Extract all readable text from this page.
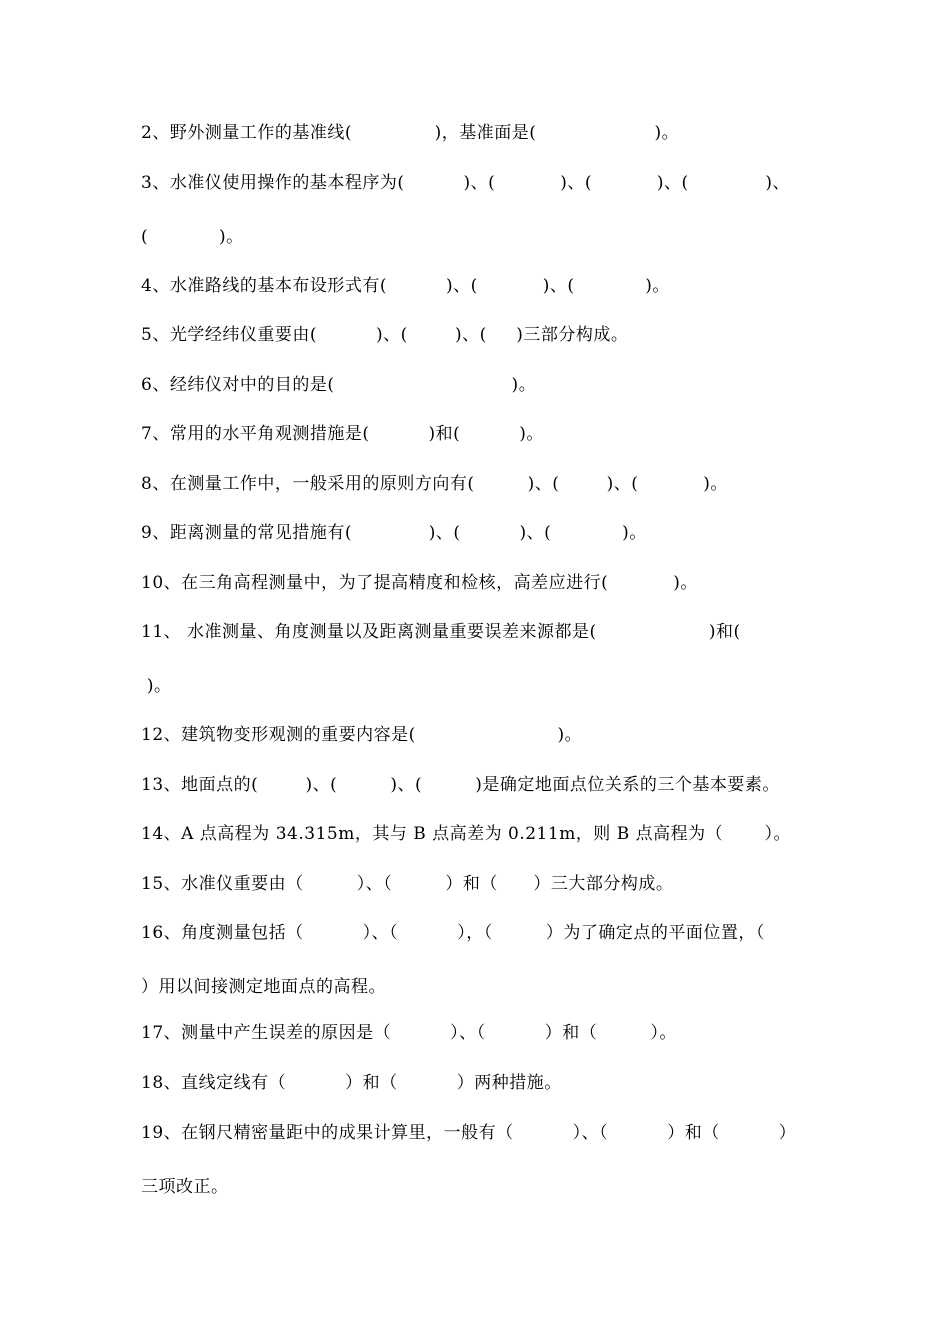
2、野外测量工作的基准线(              )，基准面是(                    )。
3、水准仪使用操作的基本程序为(          )、(           )、(           )、(             )、
(            )。
4、水准路线的基本布设形式有(          )、(           )、(            )。
5、光学经纬仪重要由(          )、(        )、(     )三部分构成。
6、经纬仪对中的目的是(                              )。
7、常用的水平角观测措施是(          )和(          )。
8、在测量工作中，一般采用的原则方向有(         )、(        )、(           )。
9、距离测量的常见措施有(             )、(          )、(            )。
10、在三角高程测量中，为了提高精度和检核，高差应进行(           )。
11、 水准测量、角度测量以及距离测量重要误差来源都是(                   )和(
)。
12、建筑物变形观测的重要内容是(                        )。
13、地面点的(        )、(         )、(         )是确定地面点位关系的三个基本要素。
14、A 点高程为 34.315m，其与 B 点高差为 0.211m，则 B 点高程为（       ）。
15、水准仪重要由（         ）、（         ）和（      ）三大部分构成。
16、角度测量包括（          ）、（          ），（         ）为了确定点的平面位置，（
）用以间接测定地面点的高程。
17、测量中产生误差的原因是（          ）、（          ）和（         ）。
18、直线定线有（          ）和（          ）两种措施。
19、在钢尺精密量距中的成果计算里，一般有（          ）、（          ）和（          ）
三项改正。
